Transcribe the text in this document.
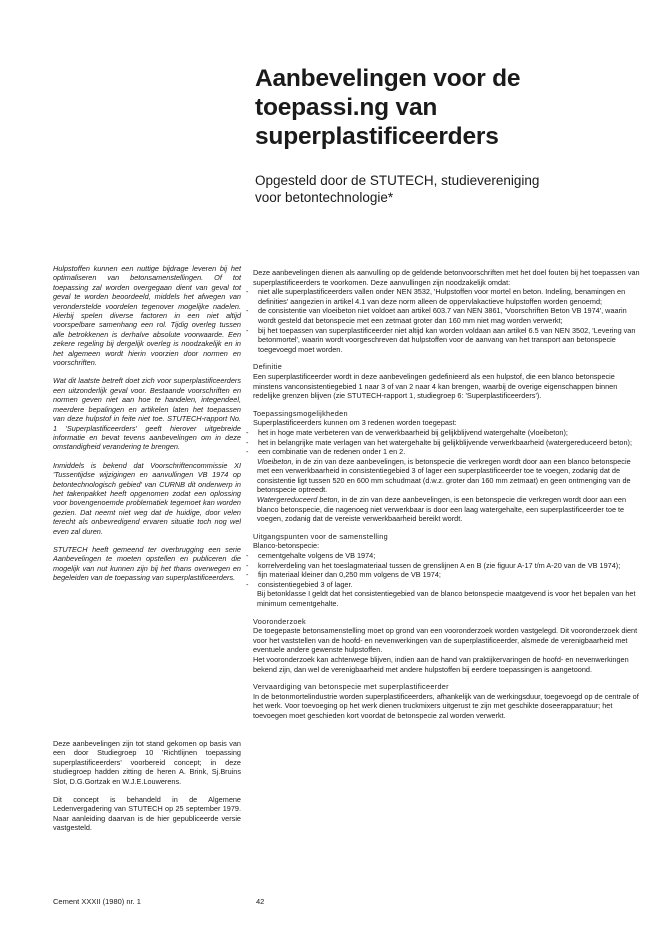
Aanbevelingen voor de

toepassi.ng van

superplastificeerders

Opgesteld door de STUTECH, studievereniging

voor betontechnologie*

Hulpstoffen kunnen een nuttige bijdrage leveren bij het optimaliseren van betonsamenstellingen. Of tot toepassing zal worden overgegaan dient van geval tot geval te worden beoordeeld, middels het afwegen van veronderstelde voordelen tegenover mogelijke nadelen. Hierbij spelen diverse factoren in een niet altijd voorspelbare samenhang een rol. Tijdig overleg tussen alle betrokkenen is derhalve absolute voorwaarde. Een zekere regeling bij dergelijk overleg is noodzakelijk en in het algemeen wordt hierin voorzien door normen en voorschriften.

Wat dit laatste betreft doet zich voor superplastificeerders een uitzonderlijk geval voor. Bestaande voorschriften en normen geven niet aan hoe te handelen, integendeel, meerdere bepalingen en artikelen laten het toepassen van deze hulpstof in feite niet toe. STUTECH-rapport No. 1 'Superplastificeerders' geeft hierover uitgebreide informatie en bevat tevens aanbevelingen om in deze omstandigheid verandering te brengen.

Inmiddels is bekend dat Voorschriftencommissie XI 'Tussentijdse wijzigingen en aanvullingen VB 1974 op betontechnologisch gebied' van CURNB dit onderwerp in het takenpakket heeft opgenomen zodat een oplossing voor bovengenoemde problematiek tegemoet kan worden gezien. Dat neemt niet weg dat de huidige, door velen terecht als onbevredigend ervaren situatie toch nog wel even zal duren.

STUTECH heeft gemeend ter overbrugging een serie Aanbevelingen te moeten opstellen en publiceren die mogelijk van nut kunnen zijn bij het thans overwegen en begeleiden van de toepassing van superplastificeerders.

Deze aanbevelingen zijn tot stand gekomen op basis van een door Studiegroep 10 'Richtlijnen toepassing superplastificeerders' voorbereid concept; in deze studiegroep hadden zitting de heren A. Brink, Sj.Bruins Slot, D.G.Gortzak en W.J.E.Louwerens.

Dit concept is behandeld in de Algemene Ledenvergadering van STUTECH op 25 september 1979. Naar aanleiding daarvan is de hier gepubliceerde versie vastgesteld.

Deze aanbevelingen dienen als aanvulling op de geldende betonvoorschriften met het doel fouten bij het toepassen van superplastificeerders te voorkomen. Deze aanvullingen zijn noodzakelijk omdat:

- niet alle superplastificeerders vallen onder NEN 3532, 'Hulpstoffen voor mortel en beton. Indeling, benamingen en definities' aangezien in artikel 4.1 van deze norm alleen de oppervlakactieve hulpstoffen worden genoemd;
- de consistentie van vloeibeton niet voldoet aan artikel 603.7 van NEN 3861, 'Voorschriften Beton VB 1974', waarin wordt gesteld dat betonspecie met een zetmaat groter dan 160 mm niet mag worden verwerkt;
- bij het toepassen van superplastificeerder niet altijd kan worden voldaan aan artikel 6.5 van NEN 3502, 'Levering van betonmortel', waarin wordt voorgeschreven dat hulpstoffen voor de aanvang van het transport aan betonspecie toegevoegd moet worden.

Definitie

Een superplastificeerder wordt in deze aanbevelingen gedefinieerd als een hulpstof, die een blanco betonspecie minstens vanconsistentiegebied 1 naar 3 of van 2 naar 4 kan brengen, waarbij de overige eigenschappen binnen redelijke grenzen blijven (zie STUTECH-rapport 1, studiegroep 6: 'Superplastificeerders').

Toepassingsmogelijkheden

Superplastificeerders kunnen om 3 redenen worden toegepast:

- het in hoge mate verbeteren van de verwerkbaarheid bij gelijkblijvend watergehalte (vloeibeton);
- het in belangrijke mate verlagen van het watergehalte bij gelijkblijvende verwerkbaarheid (watergereduceerd beton);
- een combinatie van de redenen onder 1 en 2.

Vloeibeton, in de zin van deze aanbevelingen, is betonspecie die verkregen wordt door aan een blanco betonspecie met een verwerkbaarheid in consistentiegebied 3 of lager een superplastificeerder toe te voegen, zodanig dat de consistentie ligt tussen 520 en 600 mm schudmaat (d.w.z. groter dan 160 mm zetmaat) en geen ontmenging van de betonspecie optreedt.

Watergereduceerd beton, in de zin van deze aanbevelingen, is een betonspecie die verkregen wordt door aan een blanco betonspecie, die nagenoeg niet verwerkbaar is door een laag watergehalte, een superplastificeerder toe te voegen, zodanig dat de vereiste verwerkbaarheid bereikt wordt.

Uitgangspunten voor de samenstelling

Blanco-betonspecie:

- cementgehalte volgens de VB 1974;
- korrelverdeling van het toeslagmateriaal tussen de grenslijnen A en B (zie figuur A-17 t/m A-20 van de VB 1974);
- fijn materiaal kleiner dan 0,250 mm volgens de VB 1974;
- consistentiegebied 3 of lager.

Bij betonklasse I geldt dat het consistentiegebied van de blanco betonspecie maatgevend is voor het bepalen van het minimum cementgehalte.

Vooronderzoek

De toegepaste betonsamenstelling moet op grond van een vooronderzoek worden vastgelegd. Dit vooronderzoek dient voor het vaststellen van de hoofd- en nevenwerkingen van de superplastificeerder, alsmede de verenigbaarheid met eventuele andere gewenste hulpstoffen.

Het vooronderzoek kan achterwege blijven, indien aan de hand van praktijkervaringen de hoofd- en nevenwerkingen bekend zijn, dan wel de verenigbaarheid met andere hulpstoffen bij eerdere toepassingen is aangetoond.

Vervaardiging van betonspecie met superplastificeerder

In de betonmortelindustrie worden superplastificeerders, afhankelijk van de werkingsduur, toegevoegd op de centrale of het werk. Voor toevoeging op het werk dienen truckmixers uitgerust te zijn met geschikte doseerapparatuur; het toevoegen moet geschieden kort voordat de betonspecie zal worden verwerkt.

Cement XXXII (1980) nr. 1	42
